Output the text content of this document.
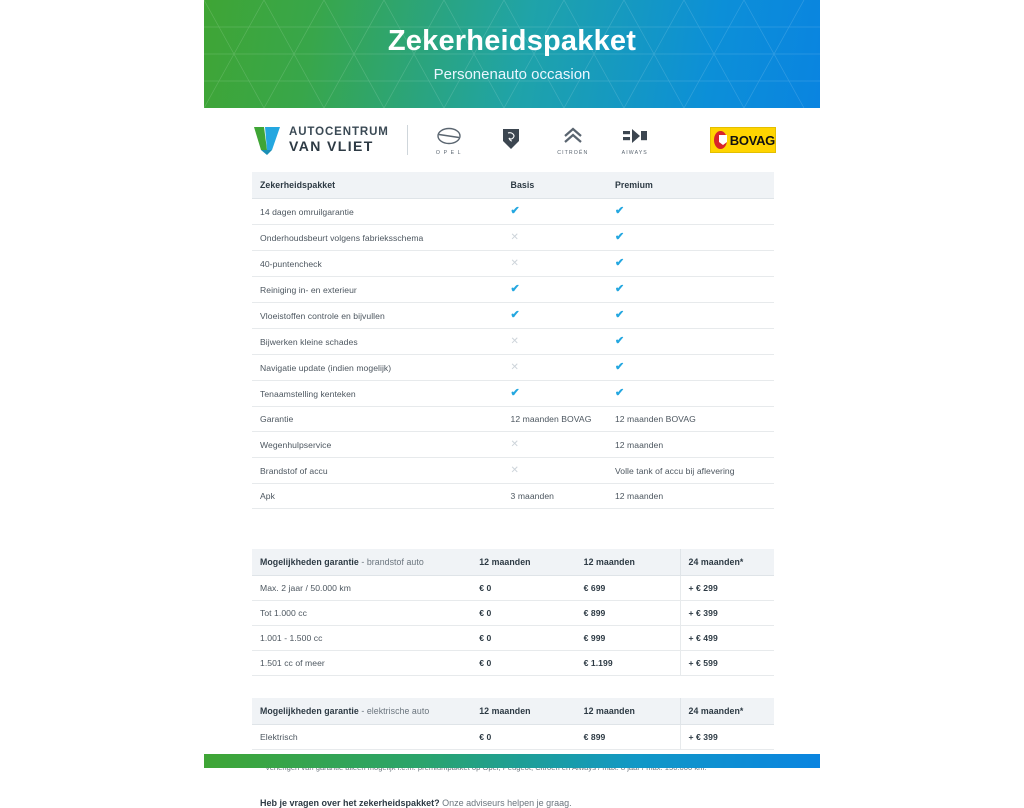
Zekerheidspakket
Personenauto occasion
AUTOCENTRUM
VAN VLIET	O P E L	CITROËN	AIWAYS
BOVAG
Zekerheidspakket	Basis	Premium
14 dagen omruilgarantie	✔	✔
Onderhoudsbeurt volgens fabrieksschema	✕	✔
40-puntencheck	✕	✔
Reiniging in- en exterieur	✔	✔
Vloeistoffen controle en bijvullen	✔	✔
Bijwerken kleine schades	✕	✔
Navigatie update (indien mogelijk)	✕	✔
Tenaamstelling kenteken	✔	✔
Garantie	12 maanden BOVAG	12 maanden BOVAG
Wegenhulpservice	✕	12 maanden
Brandstof of accu	✕	Volle tank of accu bij aflevering
Apk	3 maanden	12 maanden

Mogelijkheden garantie - brandstof auto	12 maanden	12 maanden	24 maanden*
Max. 2 jaar / 50.000 km	€ 0	€ 699	+ € 299
Tot 1.000 cc	€ 0	€ 899	+ € 399
1.001 - 1.500 cc	€ 0	€ 999	+ € 499
1.501 cc of meer	€ 0	€ 1.199	+ € 599
Mogelijkheden garantie - elektrische auto	12 maanden	12 maanden	24 maanden*
Elektrisch	€ 0	€ 899	+ € 399
Heb je vragen over het zekerheidspakket? Onze adviseurs helpen je graag.
